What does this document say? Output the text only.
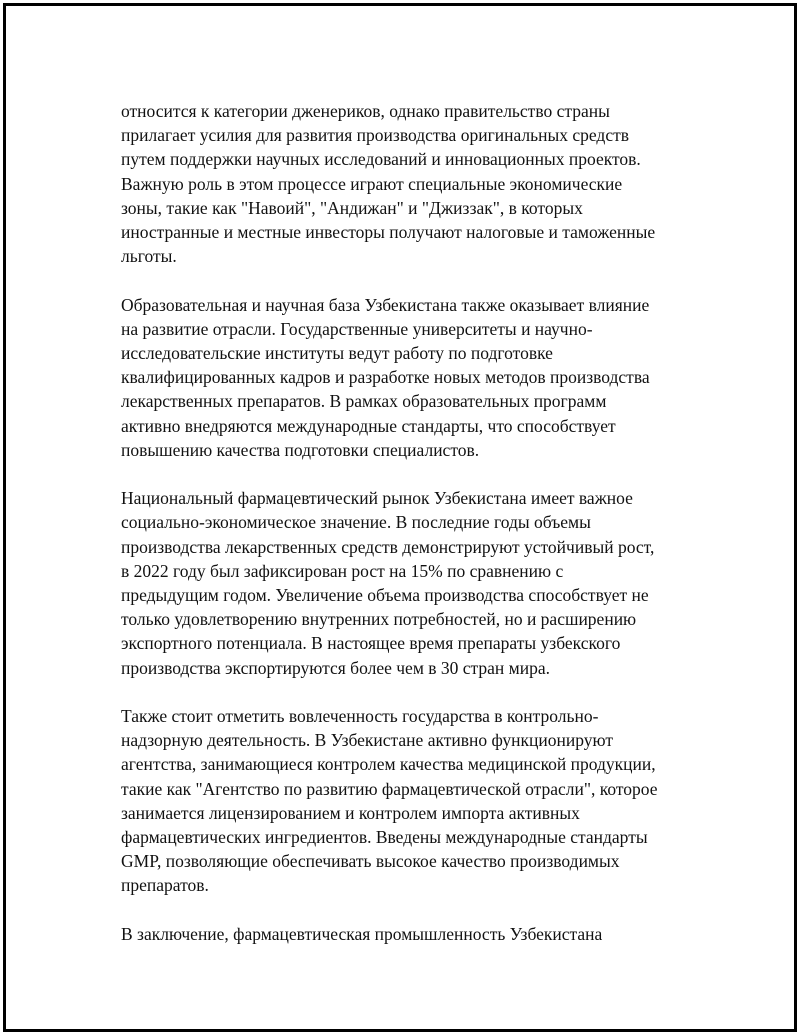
относится к категории дженериков, однако правительство страны
прилагает усилия для развития производства оригинальных средств
путем поддержки научных исследований и инновационных проектов.
Важную роль в этом процессе играют специальные экономические
зоны, такие как "Навоий", "Андижан" и "Джиззак", в которых
иностранные и местные инвесторы получают налоговые и таможенные
льготы.

Образовательная и научная база Узбекистана также оказывает влияние
на развитие отрасли. Государственные университеты и научно-
исследовательские институты ведут работу по подготовке
квалифицированных кадров и разработке новых методов производства
лекарственных препаратов. В рамках образовательных программ
активно внедряются международные стандарты, что способствует
повышению качества подготовки специалистов.

Национальный фармацевтический рынок Узбекистана имеет важное
социально-экономическое значение. В последние годы объемы
производства лекарственных средств демонстрируют устойчивый рост,
в 2022 году был зафиксирован рост на 15% по сравнению с
предыдущим годом. Увеличение объема производства способствует не
только удовлетворению внутренних потребностей, но и расширению
экспортного потенциала. В настоящее время препараты узбекского
производства экспортируются более чем в 30 стран мира.

Также стоит отметить вовлеченность государства в контрольно-
надзорную деятельность. В Узбекистане активно функционируют
агентства, занимающиеся контролем качества медицинской продукции,
такие как "Агентство по развитию фармацевтической отрасли", которое
занимается лицензированием и контролем импорта активных
фармацевтических ингредиентов. Введены международные стандарты
GMP, позволяющие обеспечивать высокое качество производимых
препаратов.

В заключение, фармацевтическая промышленность Узбекистана
